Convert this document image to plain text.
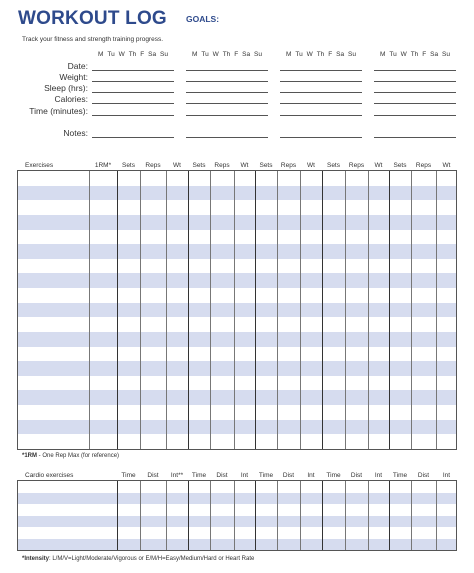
WORKOUT LOG GOALS:
Track your fitness and strength training progress.
M Tu W Th F Sa Su	M Tu W Th F Sa Su	M Tu W Th F Sa Su	M Tu W Th F Sa Su
Date:
Weight:
Sleep (hrs):
Calories:
Time (minutes):
Notes:
Exercises	1RM*	Sets	Reps	Wt	Sets	Reps	Wt	Sets	Reps	Wt	Sets	Reps	Wt	Sets	Reps	Wt
*1RM - One Rep Max (for reference)
Cardio exercises	Time	Dist	Int**	Time	Dist	Int	Time	Dist	Int	Time	Dist	Int	Time	Dist	Int
*Intensity: L/M/V=Light/Moderate/Vigorous or E/M/H=Easy/Medium/Hard or Heart Rate
